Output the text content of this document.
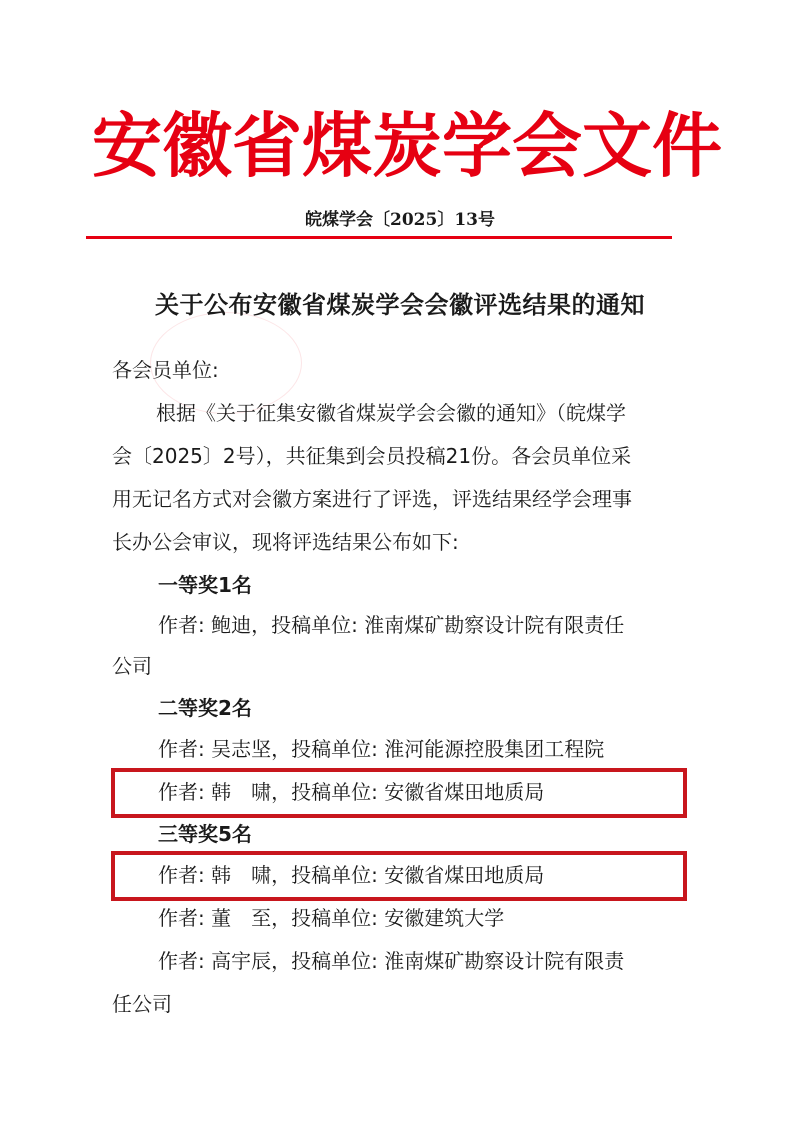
安徽省煤炭学会文件
皖煤学会〔2025〕13号
关于公布安徽省煤炭学会会徽评选结果的通知
各会员单位:
根据《关于征集安徽省煤炭学会会徽的通知》（皖煤学
会〔2025〕2号），共征集到会员投稿21份。各会员单位采
用无记名方式对会徽方案进行了评选，评选结果经学会理事
长办公会审议，现将评选结果公布如下:
一等奖1名
作者: 鲍迪，投稿单位: 淮南煤矿勘察设计院有限责任
公司
二等奖2名
作者: 吴志坚，投稿单位: 淮河能源控股集团工程院
作者: 韩　啸，投稿单位: 安徽省煤田地质局
三等奖5名
作者: 韩　啸，投稿单位: 安徽省煤田地质局
作者: 董　至，投稿单位: 安徽建筑大学
作者: 高宇辰，投稿单位: 淮南煤矿勘察设计院有限责
任公司
